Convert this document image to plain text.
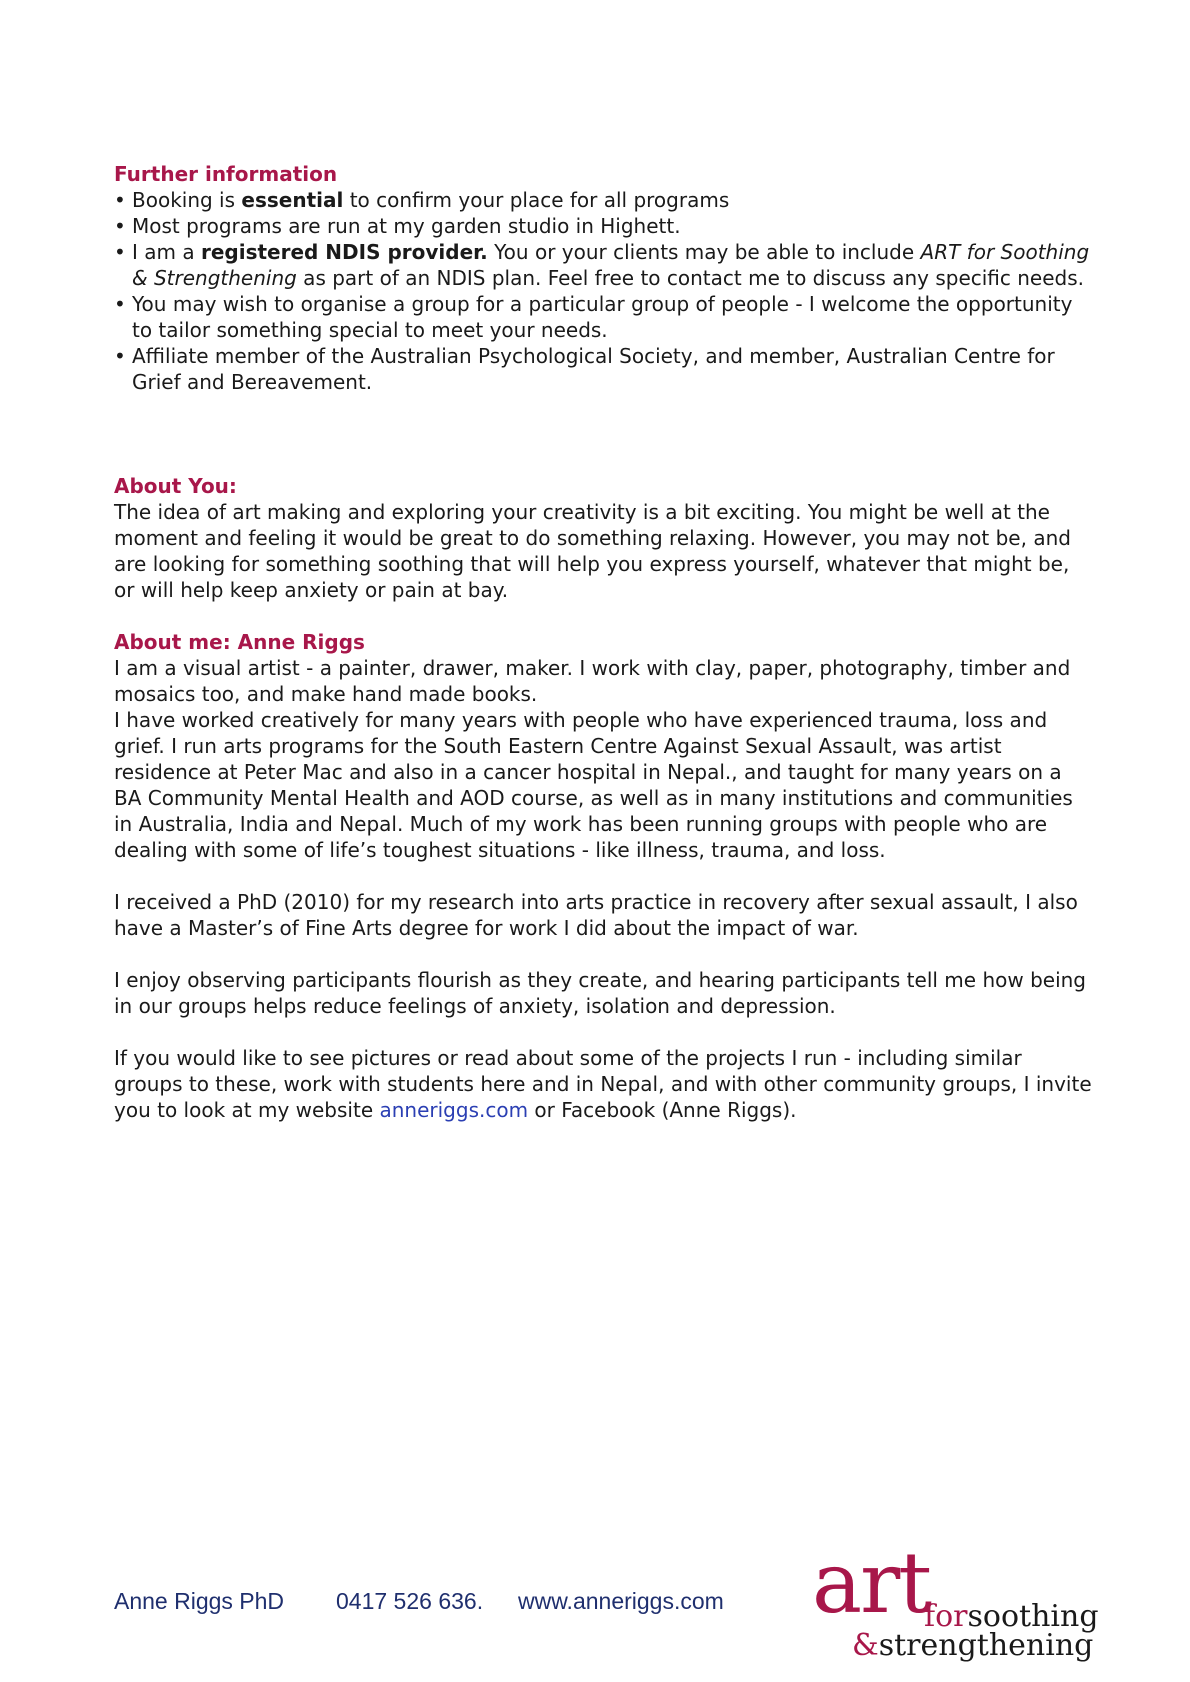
Further information
• Booking is essential to confirm your place for all programs
• Most programs are run at my garden studio in Highett.
• I am a registered NDIS provider. You or your clients may be able to include ART for Soothing & Strengthening as part of an NDIS plan. Feel free to contact me to discuss any specific needs.
• You may wish to organise a group for a particular group of people - I welcome the opportunity to tailor something special to meet your needs.
• Affiliate member of the Australian Psychological Society, and member, Australian Centre for Grief and Bereavement.
About You:

The idea of art making and exploring your creativity is a bit exciting. You might be well at the moment and feeling it would be great to do something relaxing. However, you may not be, and are looking for something soothing that will help you express yourself, whatever that might be, or will help keep anxiety or pain at bay.

About me: Anne Riggs

I am a visual artist - a painter, drawer, maker. I work with clay, paper, photography, timber and mosaics too, and make hand made books.

I have worked creatively for many years with people who have experienced trauma, loss and grief. I run arts programs for the South Eastern Centre Against Sexual Assault, was artist residence at Peter Mac and also in a cancer hospital in Nepal., and taught for many years on a BA Community Mental Health and AOD course, as well as in many institutions and communities in Australia, India and Nepal. Much of my work has been running groups with people who are dealing with some of life’s toughest situations - like illness, trauma, and loss.

I received a PhD (2010) for my research into arts practice in recovery after sexual assault, I also have a Master’s of Fine Arts degree for work I did about the impact of war.

I enjoy observing participants flourish as they create, and hearing participants tell me how being in our groups helps reduce feelings of anxiety, isolation and depression.

If you would like to see pictures or read about some of the projects I run - including similar groups to these, work with students here and in Nepal, and with other community groups, I invite you to look at my website anneriggs.com or Facebook (Anne Riggs).

Anne Riggs PhD 0417 526 636. www.anneriggs.com art
forsoothing
&strengthening
